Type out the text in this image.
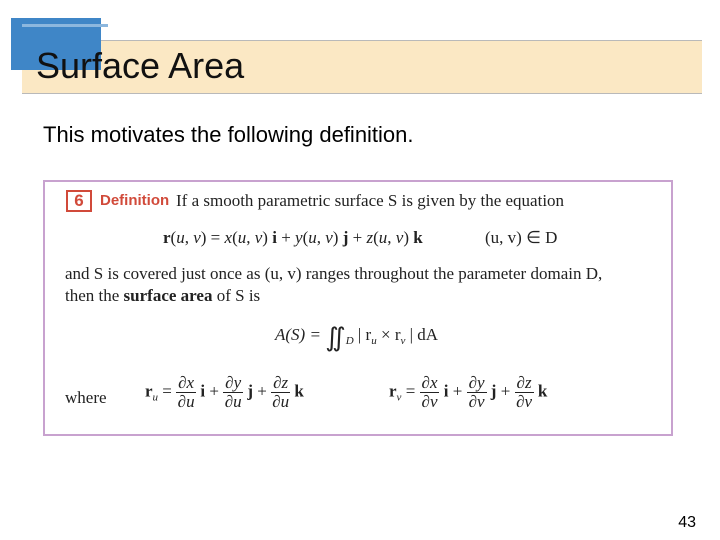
Surface Area

This motivates the following definition.

6	Definition If a smooth parametric surface S is given by the equation
r(u, v) = x(u, v) i + y(u, v) j + z(u, v) k	(u, v) ∈ D
and S is covered just once as (u, v) ranges throughout the parameter domain D,
then the surface area of S is
$A(S) = ∬_D$ | $r_u \times r_v$ | dA
where $r_u = \frac{\partial x}{\partial u}$ $i + \frac{\partial y}{\partial u}$ $j + \frac{\partial z}{\partial u}$ k	$r_v = \frac{\partial x}{\partial v}$ $i + \frac{\partial y}{\partial v}$ $j + \frac{\partial z}{\partial v}$ k
43
